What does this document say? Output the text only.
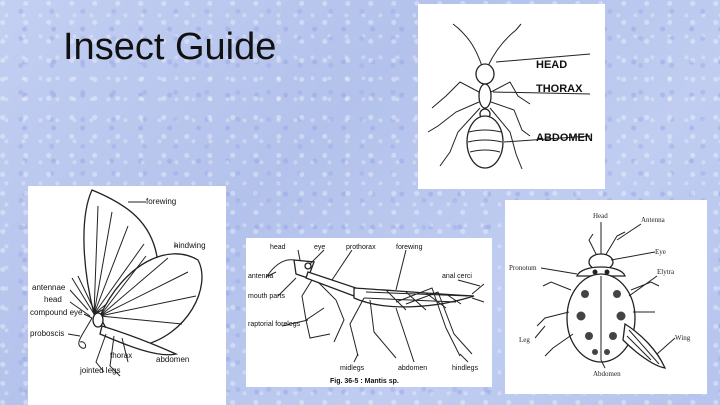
Insect Guide	HEAD
THORAX
ABDOMEN
forewing
hindwing
antennae
head
compound eye
proboscis
thorax	abdomen
jointed legs
head	eye	prothorax	forewing
antenna
mouth parts
raptorial forelegs
anal cerci
midlegs	abdomen	hindlegs
Fig. 36-5 : Mantis sp.
Head	Antenna
Eye
Pronotum	Elytra
Leg	Wing
Abdomen
